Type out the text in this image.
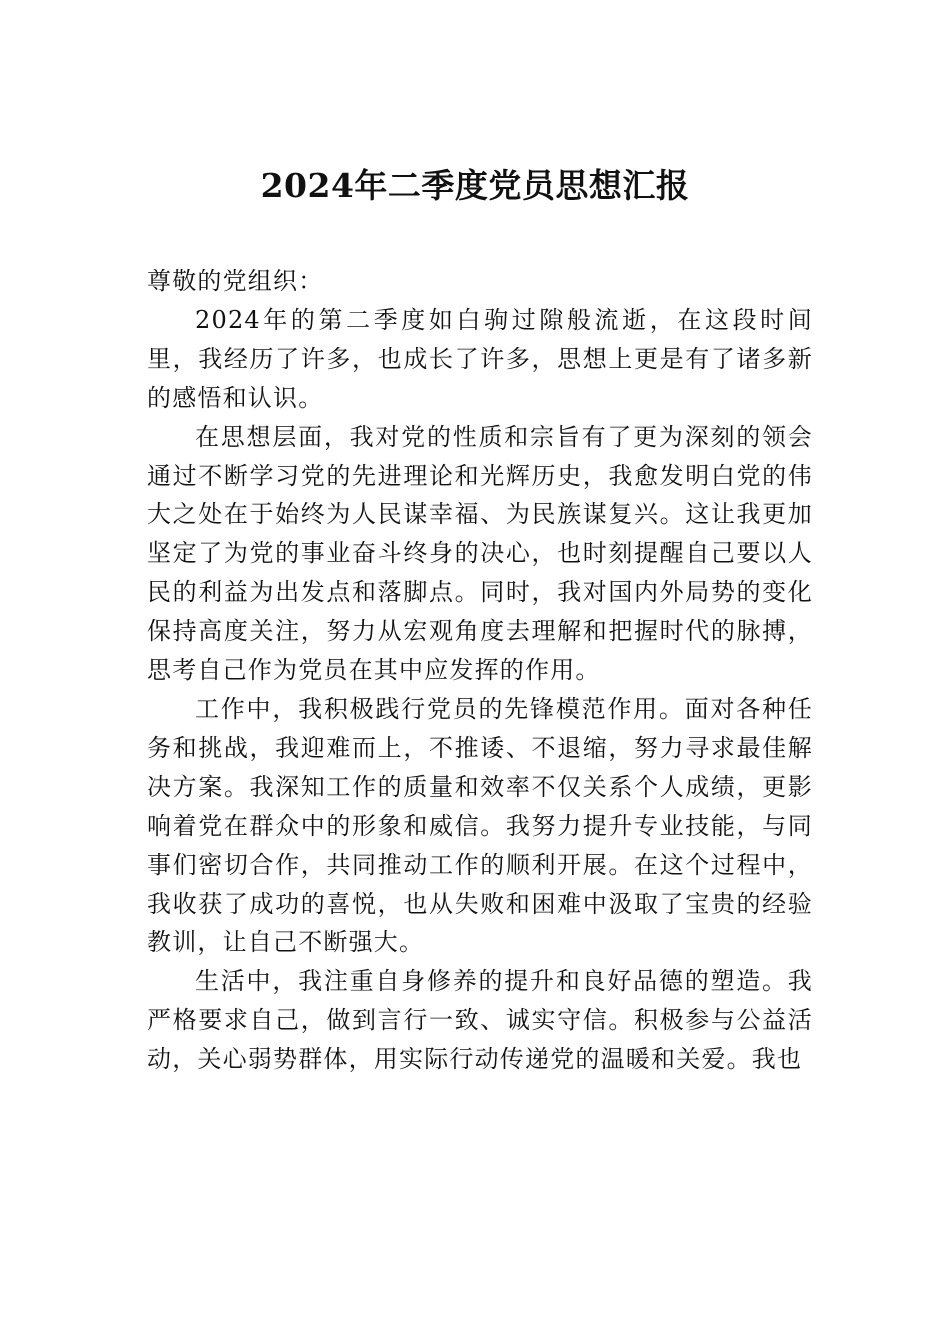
2024年二季度党员思想汇报

尊敬的党组织：

2024年的第二季度如白驹过隙般流逝，在这段时间里，我经历了许多，也成长了许多，思想上更是有了诸多新的感悟和认识。

在思想层面，我对党的性质和宗旨有了更为深刻的领会通过不断学习党的先进理论和光辉历史，我愈发明白党的伟大之处在于始终为人民谋幸福、为民族谋复兴。这让我更加坚定了为党的事业奋斗终身的决心，也时刻提醒自己要以人民的利益为出发点和落脚点。同时，我对国内外局势的变化保持高度关注，努力从宏观角度去理解和把握时代的脉搏，思考自己作为党员在其中应发挥的作用。

工作中，我积极践行党员的先锋模范作用。面对各种任务和挑战，我迎难而上，不推诿、不退缩，努力寻求最佳解决方案。我深知工作的质量和效率不仅关系个人成绩，更影响着党在群众中的形象和威信。我努力提升专业技能，与同事们密切合作，共同推动工作的顺利开展。在这个过程中，我收获了成功的喜悦，也从失败和困难中汲取了宝贵的经验教训，让自己不断强大。

生活中，我注重自身修养的提升和良好品德的塑造。我严格要求自己，做到言行一致、诚实守信。积极参与公益活动，关心弱势群体，用实际行动传递党的温暖和关爱。我也
